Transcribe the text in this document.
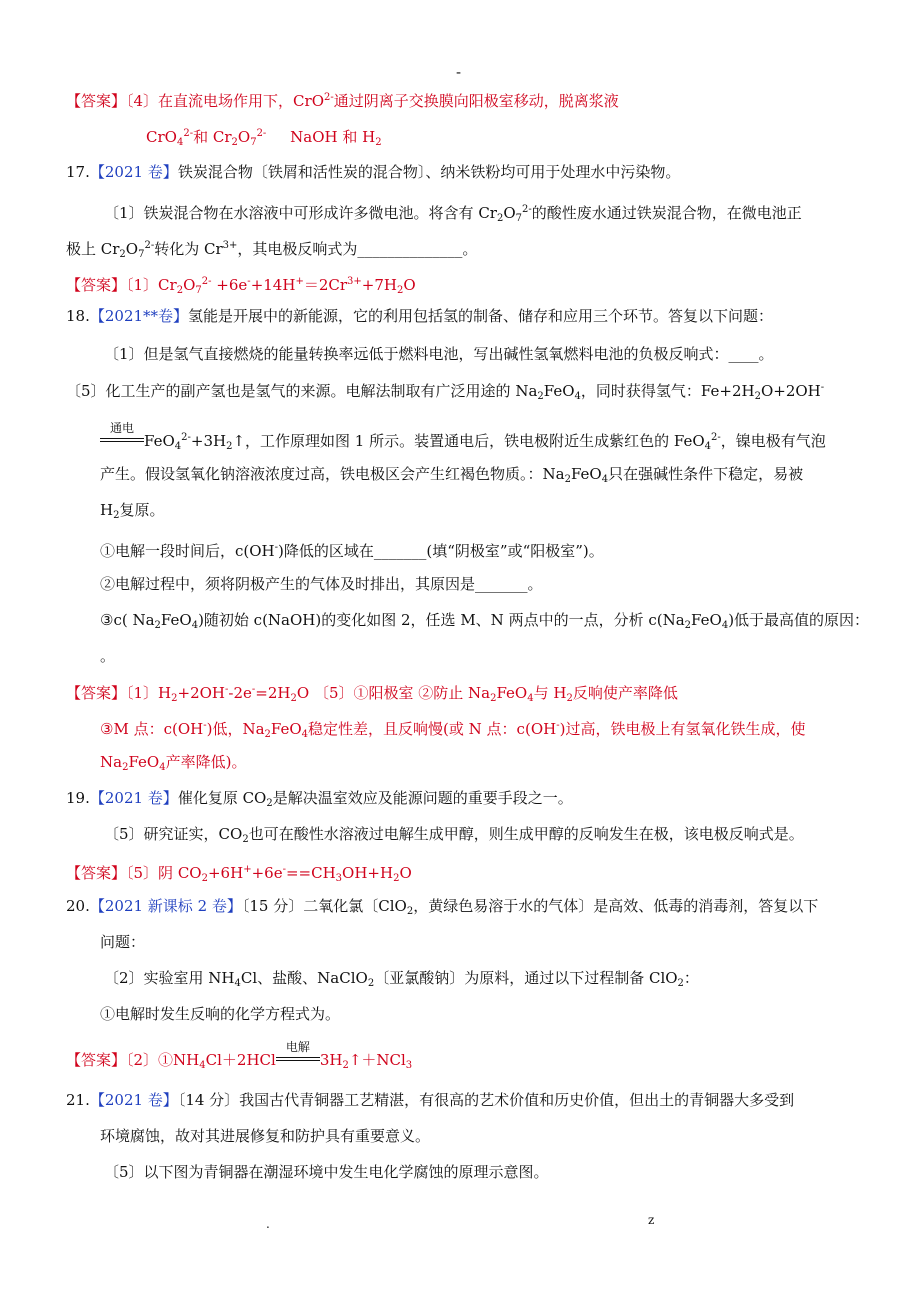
-
【答案】〔4〕在直流电场作用下，CrO$^{2-}$通过阴离子交换膜向阳极室移动，脱离浆液
CrO$_4^{2-}$和 $Cr_2O_7^{2-}$ NaOH 和 $H_2$
17.【2021 卷】铁炭混合物〔铁屑和活性炭的混合物〕、纳米铁粉均可用于处理水中污染物。
〔1〕铁炭混合物在水溶液中可形成许多微电池。将含有 $Cr_2O_7^{2-}$的酸性废水通过铁炭混合物，在微电池正
极上 $Cr_2O_7^{2-}$转化为 $Cr^{3+}$，其电极反响式为______________。
【答案】〔1〕$Cr_2O_7^{2-} +6e^-+14H^+=2Cr^{3+}+7H_2O$
18.【2021**卷】氢能是开展中的新能源，它的利用包括氢的制备、储存和应用三个环节。答复以下问题：
〔1〕但是氢气直接燃烧的能量转换率远低于燃料电池，写出碱性氢氧燃料电池的负极反响式：____。
〔5〕化工生产的副产氢也是氢气的来源。电解法制取有广泛用途的 $Na_2FeO_4$，同时获得氢气：$Fe+2H_2O+2OH^-$
通电
$FeO_4^{2-}+3H_2↑$，工作原理如图 1 所示。装置通电后，铁电极附近生成紫红色的 FeO$_4^{2-}$，镍电极有气泡
产生。假设氢氧化钠溶液浓度过高，铁电极区会产生红褐色物质。：$Na_2FeO_4$只在强碱性条件下稳定，易被
$H_2$复原。
①电解一段时间后，c(OH-)降低的区域在_______(填“阴极室”或“阳极室”)。
②电解过程中，须将阴极产生的气体及时排出，其原因是_______。
③c( $Na_2FeO_4$)随初始 c(NaOH)的变化如图 2，任选 M、N 两点中的一点，分析 $c(Na_2FeO_4)$低于最高值的原因：
。
【答案】〔1〕$H_2+2OH^--2e^-=2H_2O$ 〔5〕①阳极室 ②防止 $Na_2FeO_4$与 $H_2$反响使产率降低
③M 点：c(OH-)低，$Na_2FeO_4$稳定性差，且反响慢(或 N 点：c(OH-)过高，铁电极上有氢氧化铁生成，使
$Na_2FeO_4$产率降低)。
19.【2021 卷】催化复原 $CO_2$是解决温室效应及能源问题的重要手段之一。
〔5〕研究证实，$CO_2$也可在酸性水溶液过电解生成甲醇，则生成甲醇的反响发生在极，该电极反响式是。
【答案】〔5〕阴 $CO_2+6H^++6e^-==CH_3OH+H_2O$
20.【2021 新课标 2 卷】〔15 分〕二氧化氯〔ClO$_2$，黄绿色易溶于水的气体〕是高效、低毒的消毒剂，答复以下
问题：
〔2〕实验室用 $NH_4Cl$、盐酸、NaClO$_2$〔亚氯酸钠〕为原料，通过以下过程制备 ClO$_2$：
①电解时发生反响的化学方程式为。
【答案】〔2〕$①NH_4Cl+2HCl$
电解
$3H_2↑+NCl_3$
21.【2021 卷】〔14 分〕我国古代青铜器工艺精湛，有很高的艺术价值和历史价值，但出土的青铜器大多受到
环境腐蚀，故对其进展修复和防护具有重要意义。
〔5〕以下图为青铜器在潮湿环境中发生电化学腐蚀的原理示意图。
.	z
